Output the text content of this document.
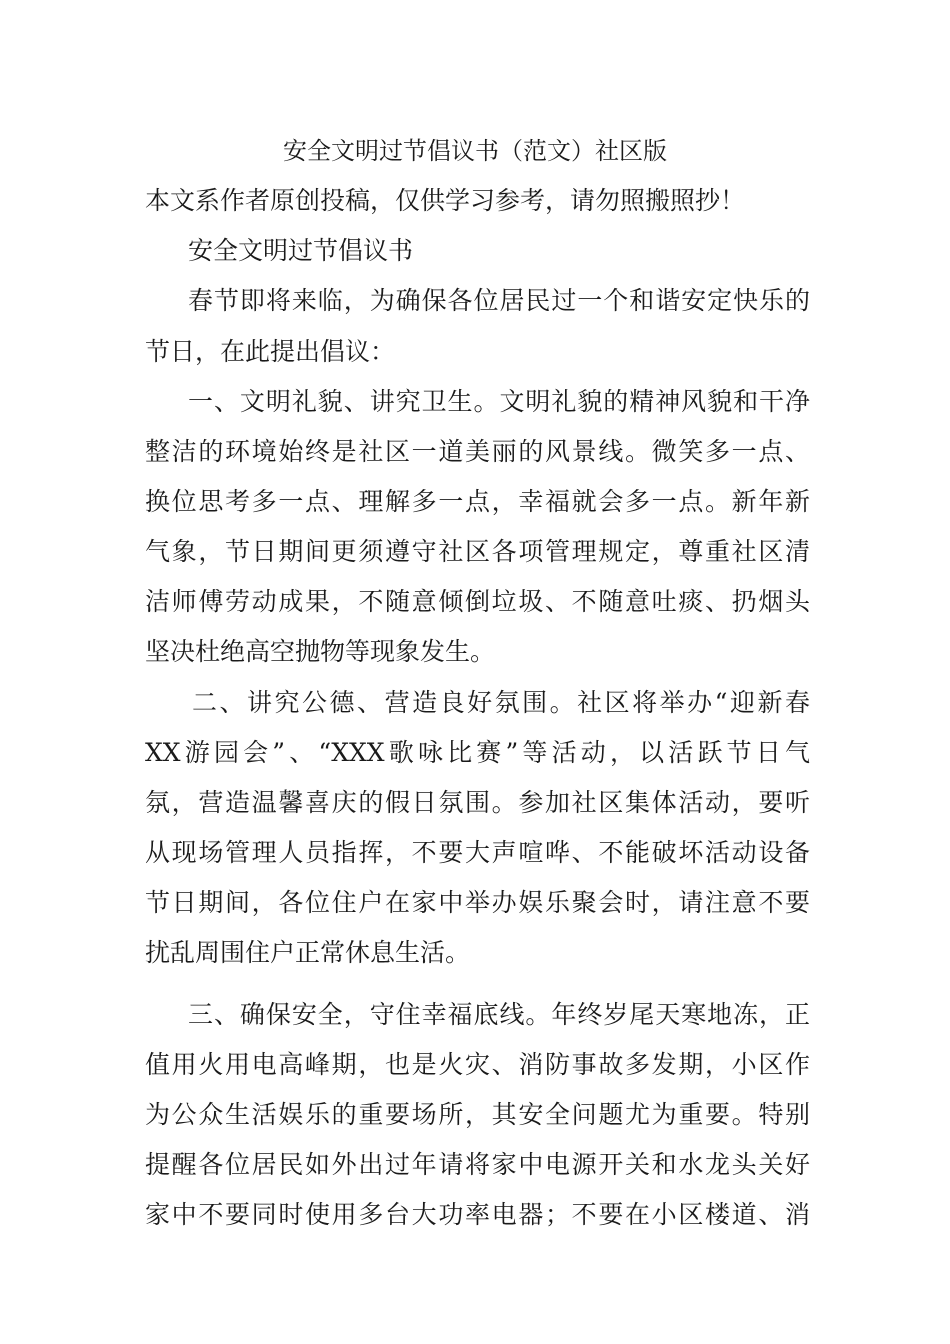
安全文明过节倡议书（范文）社区版
本文系作者原创投稿，仅供学习参考，请勿照搬照抄！
安全文明过节倡议书
春节即将来临，为确保各位居民过一个和谐安定快乐的
节日，在此提出倡议：
一、文明礼貌、讲究卫生。文明礼貌的精神风貌和干净
整洁的环境始终是社区一道美丽的风景线。微笑多一点、
换位思考多一点、理解多一点，幸福就会多一点。新年新
气象，节日期间更须遵守社区各项管理规定，尊重社区清
洁师傅劳动成果，不随意倾倒垃圾、不随意吐痰、扔烟头
坚决杜绝高空抛物等现象发生。
二、讲究公德、营造良好氛围。社区将举办“迎新春
XX游园会”、“XXX歌咏比赛”等活动，以活跃节日气
氛，营造温馨喜庆的假日氛围。参加社区集体活动，要听
从现场管理人员指挥，不要大声喧哗、不能破坏活动设备
节日期间，各位住户在家中举办娱乐聚会时，请注意不要
扰乱周围住户正常休息生活。
三、确保安全，守住幸福底线。年终岁尾天寒地冻，正
值用火用电高峰期，也是火灾、消防事故多发期，小区作
为公众生活娱乐的重要场所，其安全问题尤为重要。特别
提醒各位居民如外出过年请将家中电源开关和水龙头关好
家中不要同时使用多台大功率电器；不要在小区楼道、消
